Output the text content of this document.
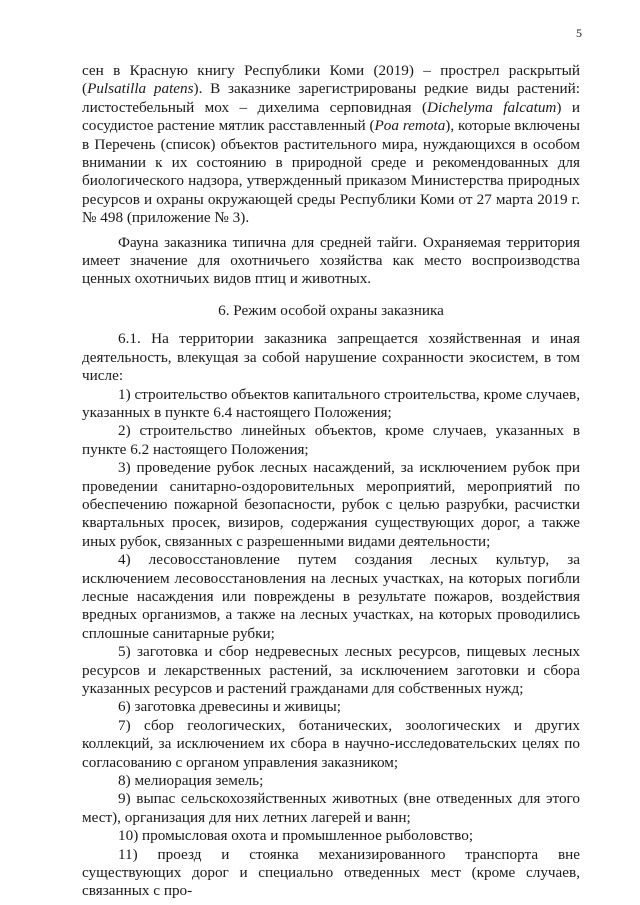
5

сен в Красную книгу Республики Коми (2019) – прострел раскрытый (Pulsatilla patens). В заказнике зарегистрированы редкие виды растений: листостебельный мох – дихелима серповидная (Dichelyma falcatum) и сосудистое растение мятлик расставленный (Poa remota), которые включены в Перечень (список) объектов растительного мира, нуждающихся в особом внимании к их состоянию в природной среде и рекомендованных для биологического надзора, утвержденный приказом Министерства природных ресурсов и охраны окружающей среды Республики Коми от 27 марта 2019 г. № 498 (приложение № 3).

Фауна заказника типична для средней тайги. Охраняемая территория имеет значение для охотничьего хозяйства как место воспроизводства ценных охотничьих видов птиц и животных.

6. Режим особой охраны заказника

6.1. На территории заказника запрещается хозяйственная и иная деятельность, влекущая за собой нарушение сохранности экосистем, в том числе:

1) строительство объектов капитального строительства, кроме случаев, указанных в пункте 6.4 настоящего Положения;

2) строительство линейных объектов, кроме случаев, указанных в пункте 6.2 настоящего Положения;

3) проведение рубок лесных насаждений, за исключением рубок при проведении санитарно-оздоровительных мероприятий, мероприятий по обеспечению пожарной безопасности, рубок с целью разрубки, расчистки квартальных просек, визиров, содержания существующих дорог, а также иных рубок, связанных с разрешенными видами деятельности;

4) лесовосстановление путем создания лесных культур, за исключением лесовосстановления на лесных участках, на которых погибли лесные насаждения или повреждены в результате пожаров, воздействия вредных организмов, а также на лесных участках, на которых проводились сплошные санитарные рубки;

5) заготовка и сбор недревесных лесных ресурсов, пищевых лесных ресурсов и лекарственных растений, за исключением заготовки и сбора указанных ресурсов и растений гражданами для собственных нужд;

6) заготовка древесины и живицы;

7) сбор геологических, ботанических, зоологических и других коллекций, за исключением их сбора в научно-исследовательских целях по согласованию с органом управления заказником;

8) мелиорация земель;

9) выпас сельскохозяйственных животных (вне отведенных для этого мест), организация для них летних лагерей и ванн;

10) промысловая охота и промышленное рыболовство;

11) проезд и стоянка механизированного транспорта вне существующих дорог и специально отведенных мест (кроме случаев, связанных с про-
